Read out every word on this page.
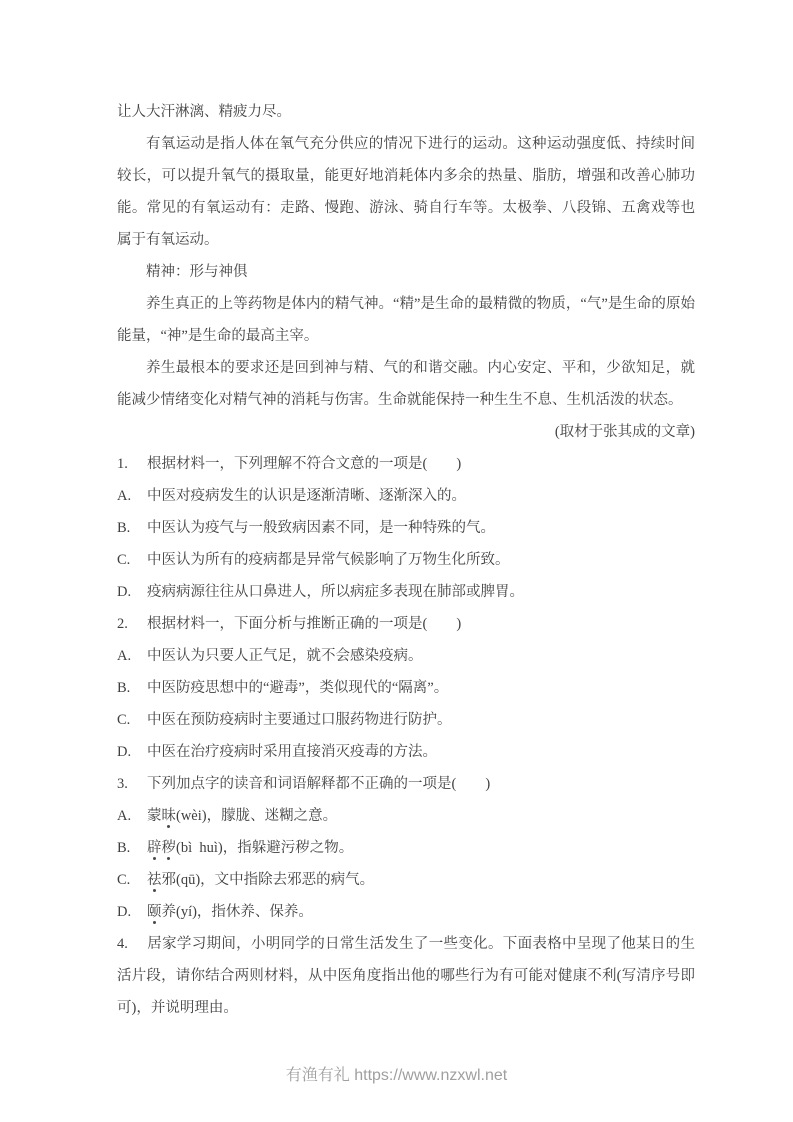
让人大汗淋漓、精疲力尽。

有氧运动是指人体在氧气充分供应的情况下进行的运动。这种运动强度低、持续时间较长，可以提升氧气的摄取量，能更好地消耗体内多余的热量、脂肪，增强和改善心肺功能。常见的有氧运动有：走路、慢跑、游泳、骑自行车等。太极拳、八段锦、五禽戏等也属于有氧运动。

精神：形与神俱

养生真正的上等药物是体内的精气神。“精”是生命的最精微的物质，“气”是生命的原始能量，“神”是生命的最高主宰。

养生最根本的要求还是回到神与精、气的和谐交融。内心安定、平和，少欲知足，就能减少情绪变化对精气神的消耗与伤害。生命就能保持一种生生不息、生机活泼的状态。

(取材于张其成的文章)

1. 根据材料一，下列理解不符合文意的一项是(　　)

A. 中医对疫病发生的认识是逐渐清晰、逐渐深入的。

B. 中医认为疫气与一般致病因素不同，是一种特殊的气。

C. 中医认为所有的疫病都是异常气候影响了万物生化所致。

D. 疫病病源往往从口鼻进人，所以病症多表现在肺部或脾胃。

2. 根据材料一，下面分析与推断正确的一项是(　　)

A. 中医认为只要人正气足，就不会感染疫病。

B. 中医防疫思想中的“避毒”，类似现代的“隔离”。

C. 中医在预防疫病时主要通过口服药物进行防护。

D. 中医在治疗疫病时采用直接消灭疫毒的方法。

3. 下列加点字的读音和词语解释都不正确的一项是(　　)

A. 蒙昧(wèi)，朦胧、迷糊之意。

B. 辟秽(bì huì)，指躲避污秽之物。

C. 祛邪(qū)，文中指除去邪恶的病气。

D. 颐养(yí)，指休养、保养。

4. 居家学习期间，小明同学的日常生活发生了一些变化。下面表格中呈现了他某日的生活片段，请你结合两则材料，从中医角度指出他的哪些行为有可能对健康不利(写清序号即可)，并说明理由。

有渔有礼 https://www.nzxwl.net
